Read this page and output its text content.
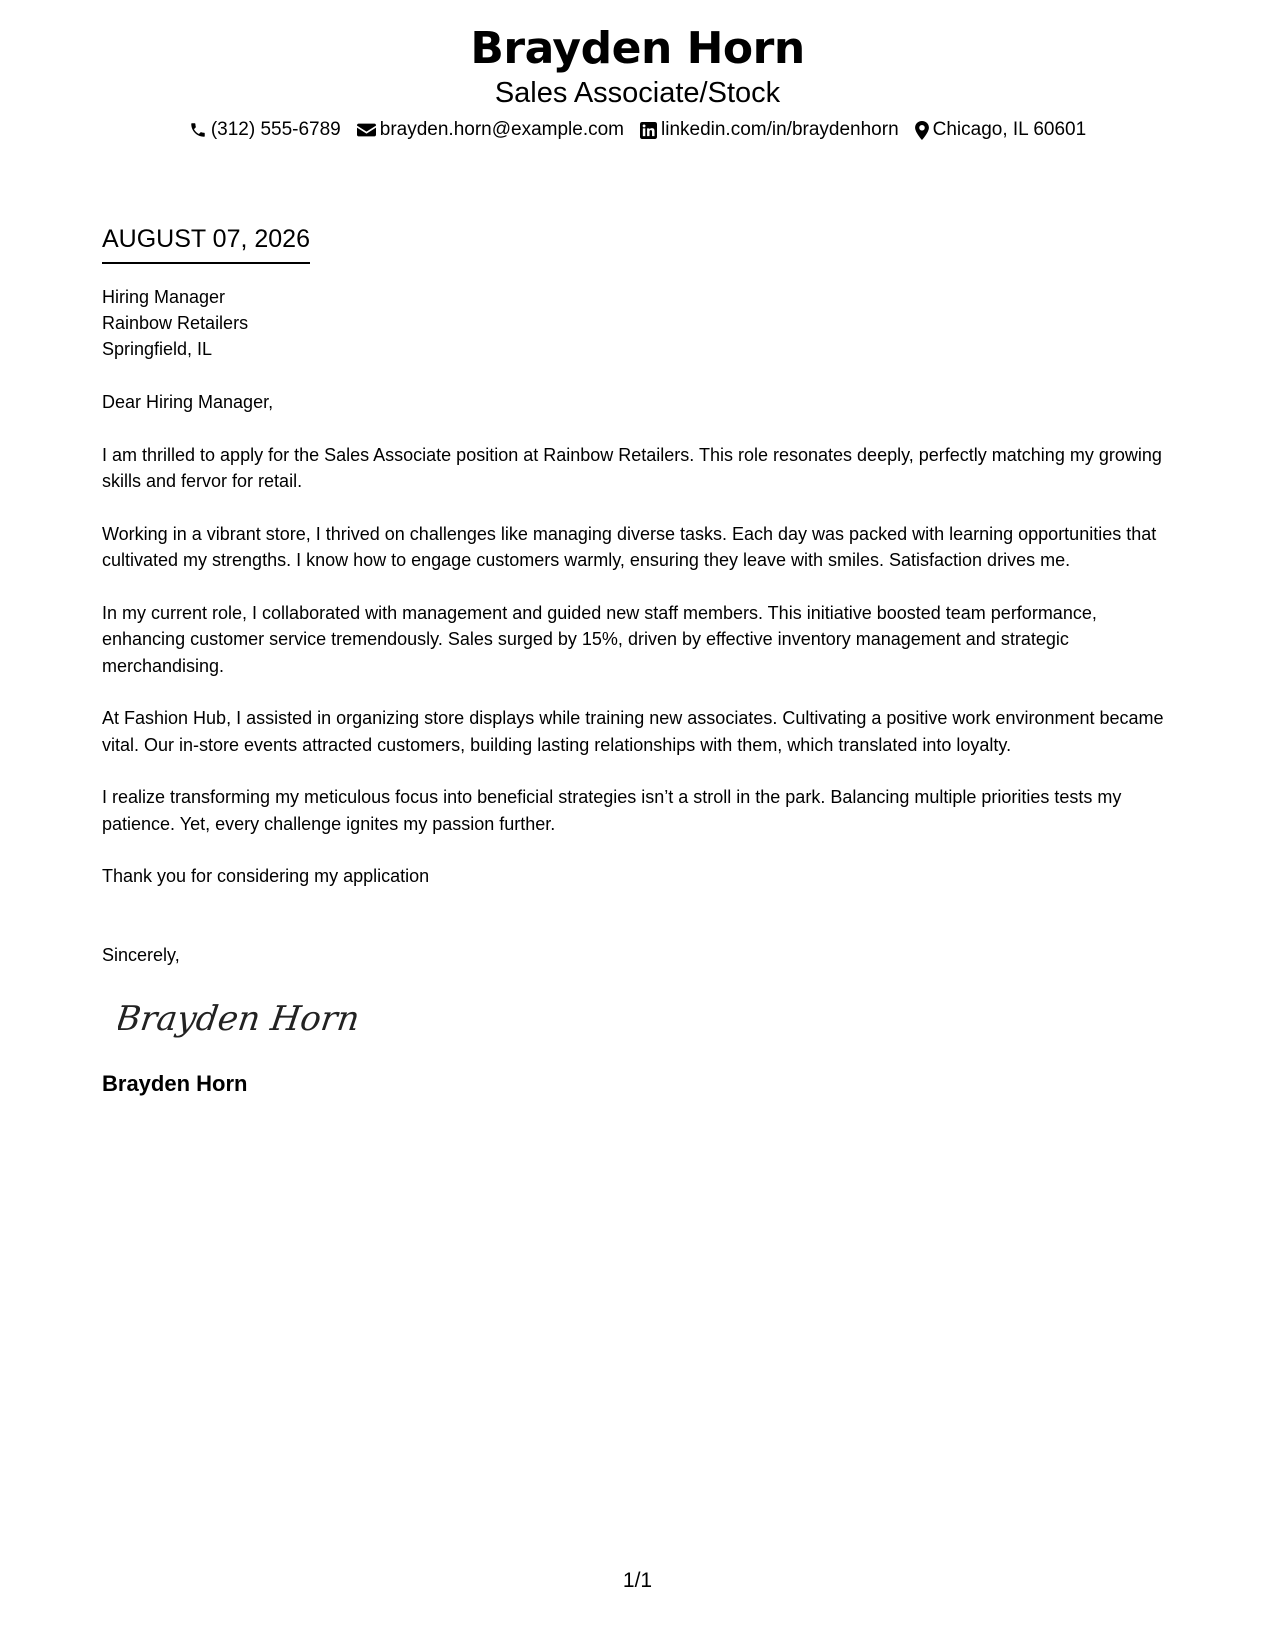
Brayden Horn
Sales Associate/Stock
(312) 555-6789 brayden.horn@example.com linkedin.com/in/braydenhorn Chicago, IL 60601
AUGUST 07, 2026
Hiring Manager
Rainbow Retailers
Springfield, IL
Dear Hiring Manager,
I am thrilled to apply for the Sales Associate position at Rainbow Retailers. This role resonates deeply, perfectly matching my growing skills and fervor for retail.
Working in a vibrant store, I thrived on challenges like managing diverse tasks. Each day was packed with learning opportunities that cultivated my strengths. I know how to engage customers warmly, ensuring they leave with smiles. Satisfaction drives me.
In my current role, I collaborated with management and guided new staff members. This initiative boosted team performance, enhancing customer service tremendously. Sales surged by 15%, driven by effective inventory management and strategic merchandising.
At Fashion Hub, I assisted in organizing store displays while training new associates. Cultivating a positive work environment became vital. Our in-store events attracted customers, building lasting relationships with them, which translated into loyalty.
I realize transforming my meticulous focus into beneficial strategies isn’t a stroll in the park. Balancing multiple priorities tests my patience. Yet, every challenge ignites my passion further.
Thank you for considering my application
Sincerely,
Brayden Horn
Brayden Horn
1/1
